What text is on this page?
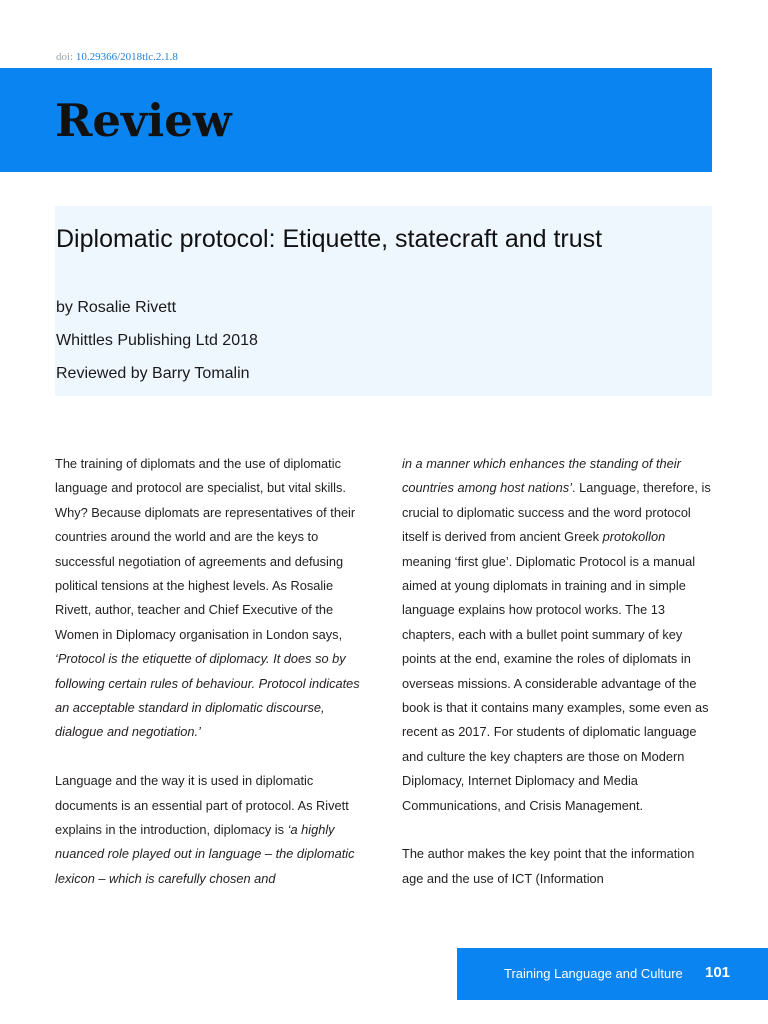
doi: 10.29366/2018tlc.2.1.8
Review
Diplomatic protocol: Etiquette, statecraft and trust
by Rosalie Rivett
Whittles Publishing Ltd 2018
Reviewed by Barry Tomalin

The training of diplomats and the use of diplomatic language and protocol are specialist, but vital skills. Why? Because diplomats are representatives of their countries around the world and are the keys to successful negotiation of agreements and defusing political tensions at the highest levels. As Rosalie Rivett, author, teacher and Chief Executive of the Women in Diplomacy organisation in London says, ‘Protocol is the etiquette of diplomacy. It does so by following certain rules of behaviour. Protocol indicates an acceptable standard in diplomatic discourse, dialogue and negotiation.’

Language and the way it is used in diplomatic documents is an essential part of protocol. As Rivett explains in the introduction, diplomacy is ‘a highly nuanced role played out in language – the diplomatic lexicon – which is carefully chosen and

in a manner which enhances the standing of their countries among host nations’. Language, therefore, is crucial to diplomatic success and the word protocol itself is derived from ancient Greek protokollon meaning ‘first glue’. Diplomatic Protocol is a manual aimed at young diplomats in training and in simple language explains how protocol works. The 13 chapters, each with a bullet point summary of key points at the end, examine the roles of diplomats in overseas missions. A considerable advantage of the book is that it contains many examples, some even as recent as 2017. For students of diplomatic language and culture the key chapters are those on Modern Diplomacy, Internet Diplomacy and Media Communications, and Crisis Management.

The author makes the key point that the information age and the use of ICT (Information

Training Language and Culture 101
